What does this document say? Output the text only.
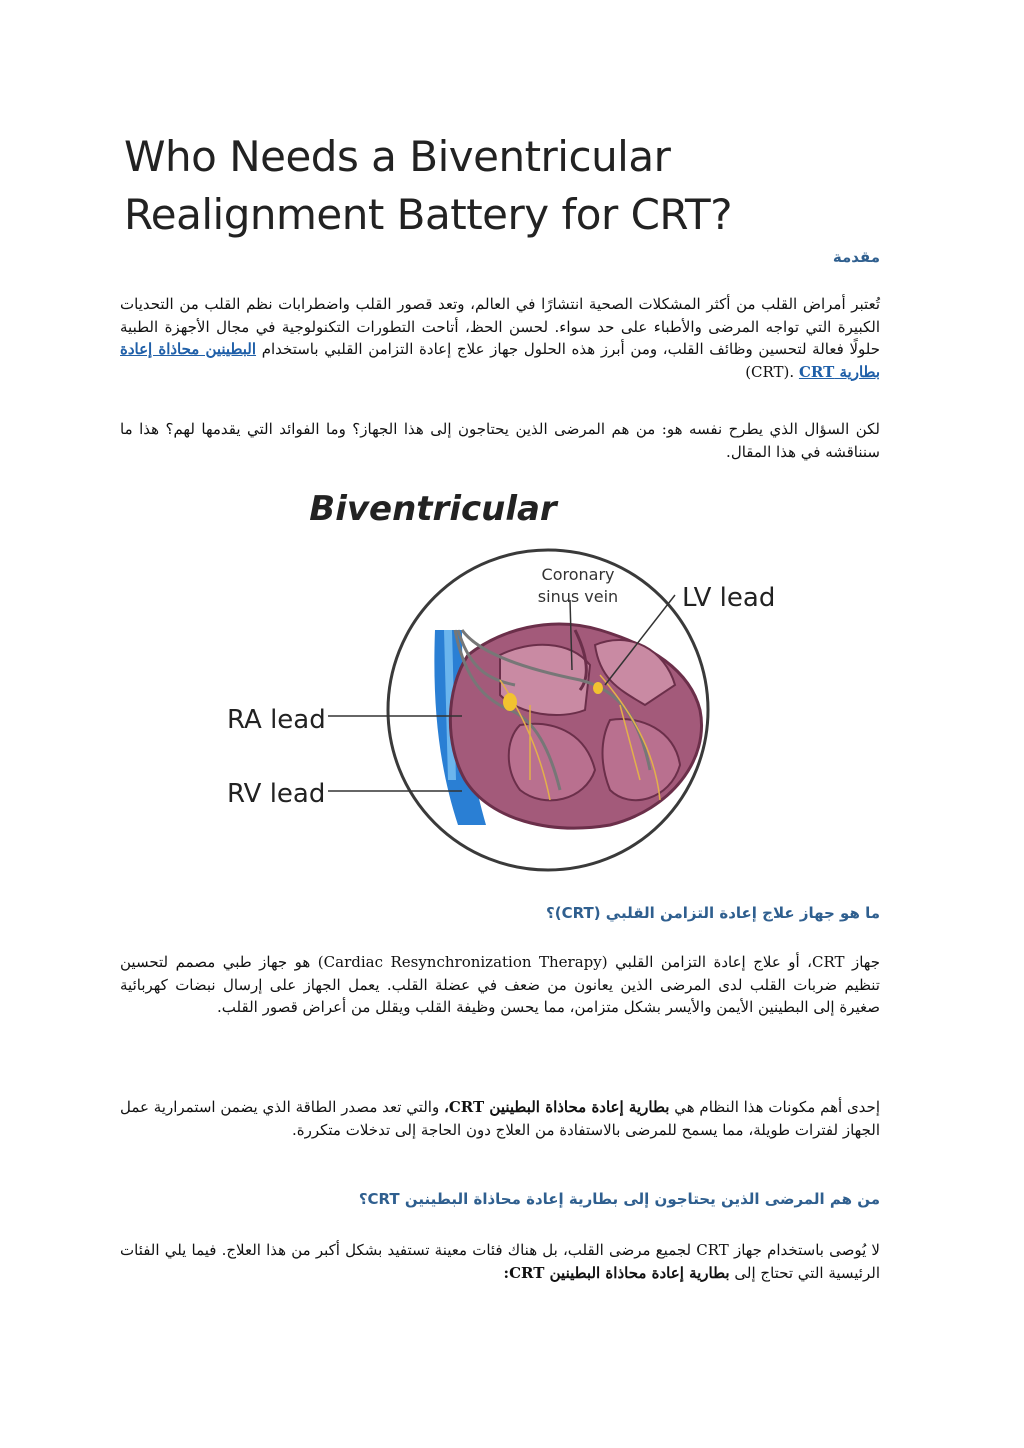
Who Needs a Biventricular Realignment Battery for CRT?
مقدمة

تُعتبر أمراض القلب من أكثر المشكلات الصحية انتشارًا في العالم، وتعد قصور القلب واضطرابات نظم القلب من التحديات الكبيرة التي تواجه المرضى والأطباء على حد سواء. لحسن الحظ، أتاحت التطورات التكنولوجية في مجال الأجهزة الطبية حلولًا فعالة لتحسين وظائف القلب، ومن أبرز هذه الحلول جهاز علاج إعادة التزامن القلبي باستخدام البطينين محاذاة إعادة بطارية CRT (CRT).

لكن السؤال الذي يطرح نفسه هو: من هم المرضى الذين يحتاجون إلى هذا الجهاز؟ وما الفوائد التي يقدمها لهم؟ هذا ما سنناقشه في هذا المقال.

Biventricular
Coronary
sinus vein LV lead
RA lead
RV lead
ما هو جهاز علاج إعادة التزامن القلبي (CRT)؟

جهاز CRT، أو علاج إعادة التزامن القلبي (Cardiac Resynchronization Therapy) هو جهاز طبي مصمم لتحسين تنظيم ضربات القلب لدى المرضى الذين يعانون من ضعف في عضلة القلب. يعمل الجهاز على إرسال نبضات كهربائية صغيرة إلى البطينين الأيمن والأيسر بشكل متزامن، مما يحسن وظيفة القلب ويقلل من أعراض قصور القلب.

إحدى أهم مكونات هذا النظام هي بطارية إعادة محاذاة البطينين CRT، والتي تعد مصدر الطاقة الذي يضمن استمرارية عمل الجهاز لفترات طويلة، مما يسمح للمرضى بالاستفادة من العلاج دون الحاجة إلى تدخلات متكررة.

من هم المرضى الذين يحتاجون إلى بطارية إعادة محاذاة البطينين CRT؟

لا يُوصى باستخدام جهاز CRT لجميع مرضى القلب، بل هناك فئات معينة تستفيد بشكل أكبر من هذا العلاج. فيما يلي الفئات الرئيسية التي تحتاج إلى بطارية إعادة محاذاة البطينين CRT:
